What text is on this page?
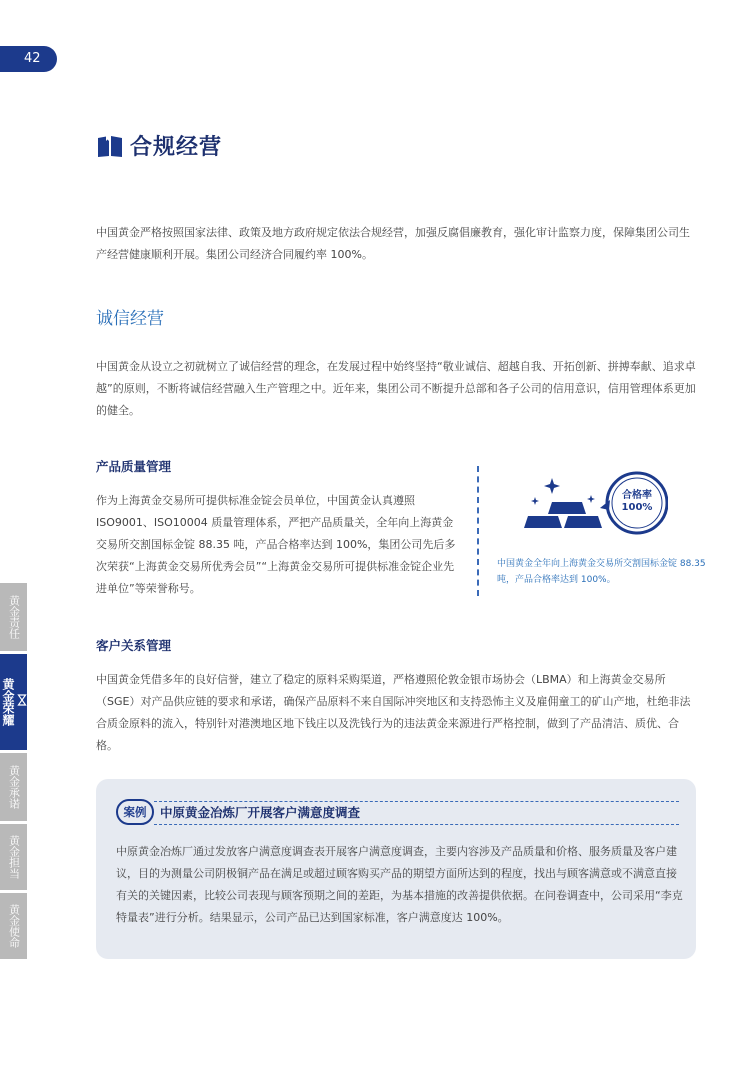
42
合规经营
中国黄金严格按照国家法律、政策及地方政府规定依法合规经营，加强反腐倡廉教育，强化审计监察力度，保障集团公司生产经营健康顺利开展。集团公司经济合同履约率 100%。
诚信经营
中国黄金从设立之初就树立了诚信经营的理念，在发展过程中始终坚持“敬业诚信、超越自我、开拓创新、拼搏奉献、追求卓越”的原则，不断将诚信经营融入生产管理之中。近年来，集团公司不断提升总部和各子公司的信用意识，信用管理体系更加的健全。
产品质量管理
作为上海黄金交易所可提供标准金锭会员单位，中国黄金认真遵照ISO9001、ISO10004 质量管理体系，严把产品质量关，全年向上海黄金交易所交割国标金锭 88.35 吨，产品合格率达到 100%，集团公司先后多次荣获“上海黄金交易所优秀会员”“上海黄金交易所可提供标准金锭企业先进单位”等荣誉称号。
合格率
100%
中国黄金全年向上海黄金交易所交割国标金锭 88.35 吨，产品合格率达到 100%。
客户关系管理
中国黄金凭借多年的良好信誉，建立了稳定的原料采购渠道，严格遵照伦敦金银市场协会（LBMA）和上海黄金交易所（SGE）对产品供应链的要求和承诺，确保产品原料不来自国际冲突地区和支持恐怖主义及雇佣童工的矿山产地，杜绝非法合质金原料的流入，特别针对港澳地区地下钱庄以及洗钱行为的违法黄金来源进行严格控制，做到了产品清洁、质优、合格。
案例	中原黄金冶炼厂开展客户满意度调查
中原黄金冶炼厂通过发放客户满意度调查表开展客户满意度调查，主要内容涉及产品质量和价格、服务质量及客户建议，目的为测量公司阴极铜产品在满足或超过顾客购买产品的期望方面所达到的程度，找出与顾客满意或不满意直接有关的关键因素，比较公司表现与顾客预期之间的差距，为基本措施的改善提供依据。在问卷调查中，公司采用“李克特量表”进行分析。结果显示，公司产品已达到国家标准，客户满意度达 100%。
黄金责任
黄金荣耀
黄金承诺
黄金担当
黄金使命
